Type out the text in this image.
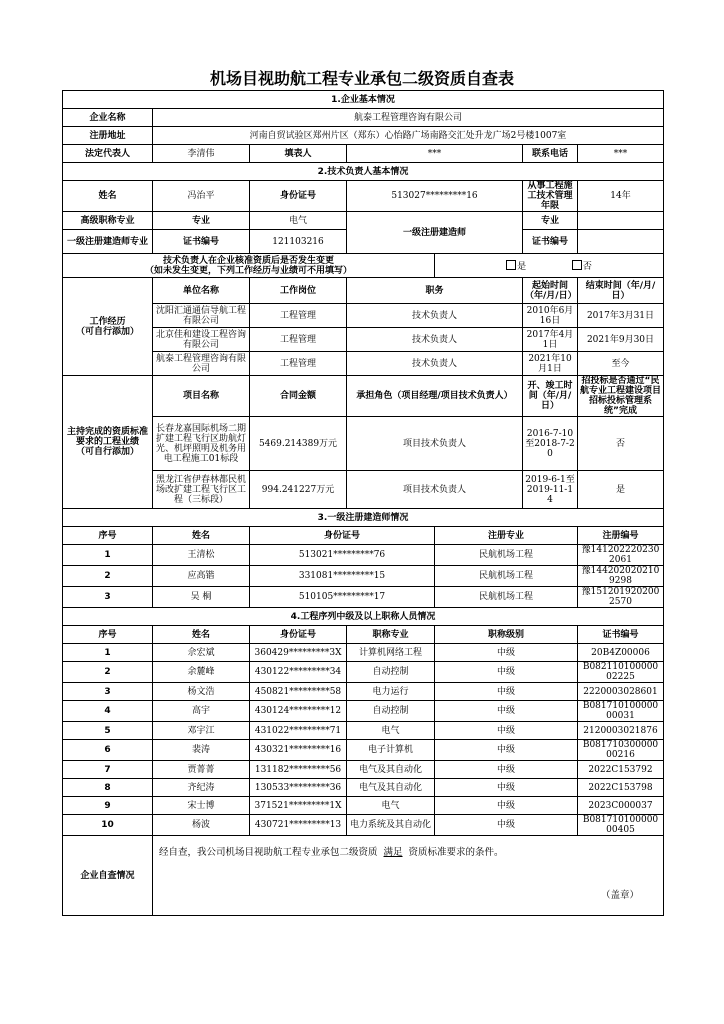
机场目视助航工程专业承包二级资质自查表
1.企业基本情况						
企业名称	航泰工程管理咨询有限公司					
注册地址	河南自贸试验区郑州片区（郑东）心怡路广场南路交汇处升龙广场2号楼1007室					
法定代表人	李清伟	填表人	***		联系电话	***
2.技术负责人基本情况						
姓名	冯治平	身份证号	513027*********16		从事工程施工技术管理年限	14年
高级职称专业	专业	电气	一级注册建造师		专业	
一级注册建造师专业	证书编号	121103216			证书编号	

技术负责人在企业核准资质后是否发生变更
（如未发生变更，下列工作经历与业绩可不用填写）				是 否		

工作经历
（可自行添加）	单位名称	工作岗位	职务		起始时间（年/月/日）	结束时间（年/月/日）
	沈阳汇通通信导航工程有限公司	工程管理	技术负责人		2010年6月16日	2017年3月31日
	北京佳和建设工程咨询有限公司	工程管理	技术负责人		2017年4月1日	2021年9月30日
	航泰工程管理咨询有限公司	工程管理	技术负责人		2021年10月1日	至今

主持完成的资质标准要求的工程业绩
（可自行添加）	项目名称	合同金额	承担角色（项目经理/项目技术负责人）		开、竣工时间（年/月/日）	招投标是否通过“民航专业工程建设项目招标投标管理系统”完成
	长春龙嘉国际机场二期扩建工程飞行区助航灯光、机坪照明及机务用电工程施工01标段	5469.214389万元	项目技术负责人		2016-7-10至2018-7-20	否
	黑龙江省伊春林都民机场改扩建工程飞行区工程（三标段）	994.241227万元	项目技术负责人		2019-6-1至2019-11-14	是
3.一级注册建造师情况						
序号	姓名	身份证号		注册专业		注册编号
1	王清松	513021*********76		民航机场工程		豫1412022202302061
2	应高锴	331081*********15		民航机场工程		豫1442020202109298
3	吴 桐	510105*********17		民航机场工程		豫1512019202002570
4.工程序列中级及以上职称人员情况						
序号	姓名	身份证号	职称专业	职称级别		证书编号
1	佘宏斌	360429*********3X	计算机网络工程	中级		20B4Z00006
2	余麓峰	430122*********34	自动控制	中级		B08211010000002225
3	杨文浩	450821*********58	电力运行	中级		2220003028601
4	高宇	430124*********12	自动控制	中级		B08171010000000031
5	邓宇江	431022*********71	电气	中级		2120003021876
6	裴涛	430321*********16	电子计算机	中级		B08171030000000216
7	贾菁菁	131182*********56	电气及其自动化	中级		2022C153792
8	齐纪涛	130533*********36	电气及其自动化	中级		2022C153798
9	宋士博	371521*********1X	电气	中级		2023C000037
10	杨波	430721*********13	电力系统及其自动化	中级		B08171010000000405
企业自查情况	经自查，我公司机场目视助航工程专业承包二级资质 满足 资质标准要求的条件。
（盖章）					
